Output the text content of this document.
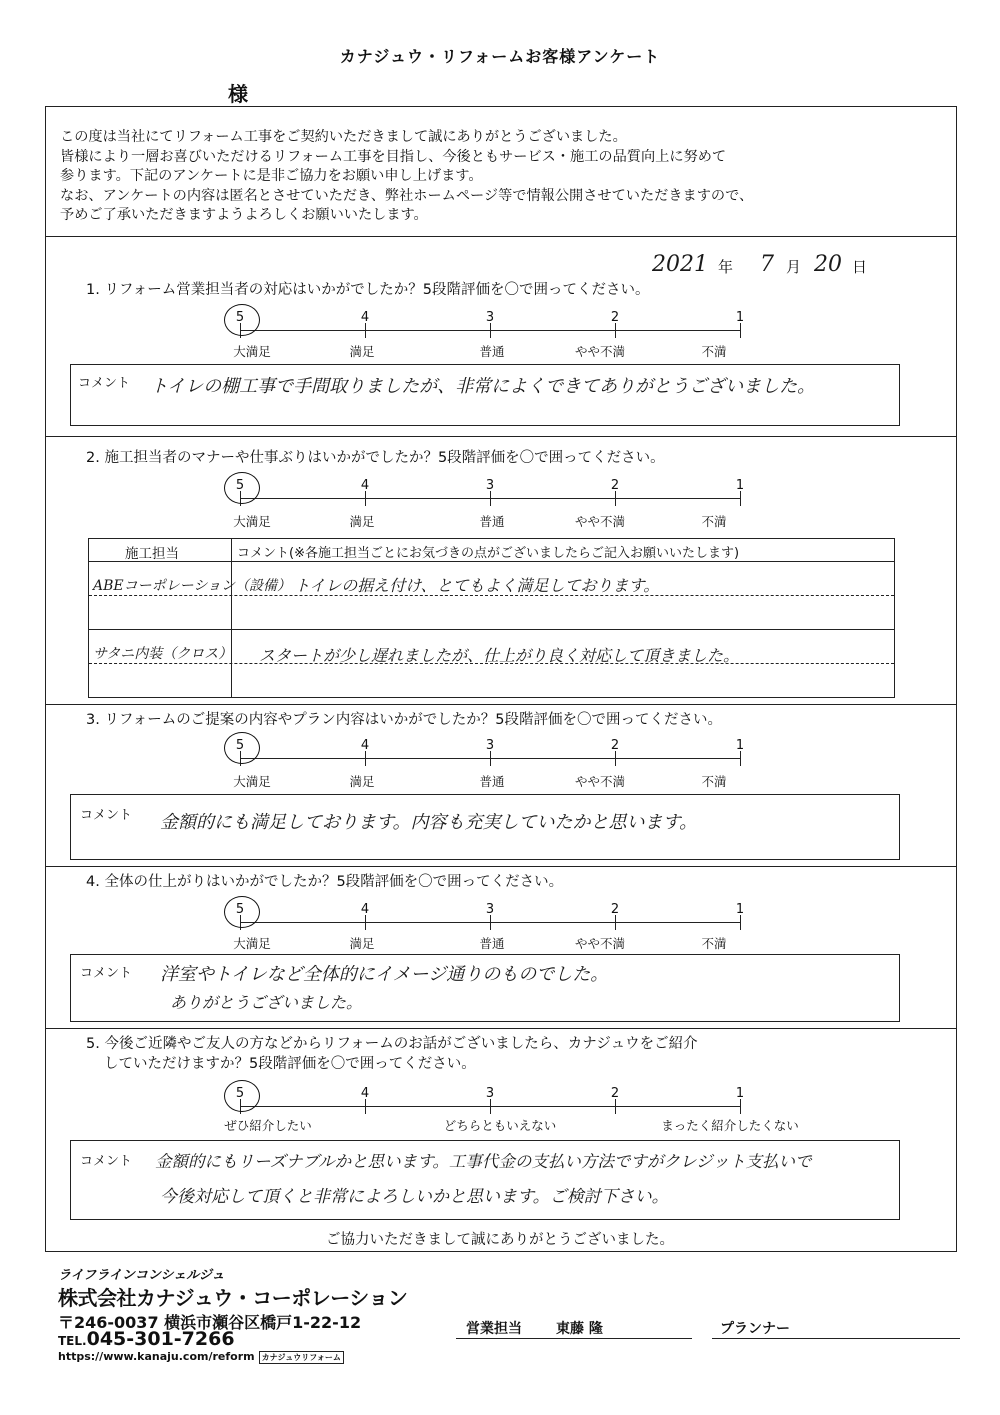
カナジュウ・リフォームお客様アンケート
様
この度は当社にてリフォーム工事をご契約いただきまして誠にありがとうございました。
皆様により一層お喜びいただけるリフォーム工事を目指し、今後ともサービス・施工の品質向上に努めて
参ります。下記のアンケートに是非ご協力をお願い申し上げます。
なお、アンケートの内容は匿名とさせていただき、弊社ホームページ等で情報公開させていただきますので、
予めご了承いただきますようよろしくお願いいたします。
2021 年 7 月 20 日
1. リフォーム営業担当者の対応はいかがでしたか？5段階評価を〇で囲ってください。
5	4	3	2	1
大満足	満足	普通	やや不満	不満
コメント トイレの棚工事で手間取りましたが、非常によくできてありがとうございました。
2. 施工担当者のマナーや仕事ぶりはいかがでしたか？5段階評価を〇で囲ってください。
5	4	3	2	1
大満足	満足	普通	やや不満	不満
施工担当	コメント(※各施工担当ごとにお気づきの点がございましたらご記入お願いいたします)
ABEコーポレーション（設備） トイレの据え付け、とてもよく満足しております。
サタニ内装（クロス） スタートが少し遅れましたが、仕上がり良く対応して頂きました。
3. リフォームのご提案の内容やプラン内容はいかがでしたか？5段階評価を〇で囲ってください。
5	4	3	2	1
大満足	満足	普通	やや不満	不満
コメント 金額的にも満足しております。内容も充実していたかと思います。
4. 全体の仕上がりはいかがでしたか？5段階評価を〇で囲ってください。
5	4	3	2	1
大満足	満足	普通	やや不満	不満
コメント 洋室やトイレなど全体的にイメージ通りのものでした。
ありがとうございました。
5. 今後ご近隣やご友人の方などからリフォームのお話がございましたら、カナジュウをご紹介
していただけますか？5段階評価を〇で囲ってください。
5	4	3	2	1
ぜひ紹介したい	どちらともいえない	まったく紹介したくない
コメント 金額的にもリーズナブルかと思います。工事代金の支払い方法ですがクレジット支払いで
今後対応して頂くと非常によろしいかと思います。ご検討下さい。
ご協力いただきまして誠にありがとうございました。
ライフラインコンシェルジュ
株式会社カナジュウ・コーポレーション
〒246-0037 横浜市瀬谷区橋戸1-22-12
TEL.045-301-7266
https://www.kanaju.com/reform カナジュウリフォーム
営業担当 東藤 隆	プランナー
